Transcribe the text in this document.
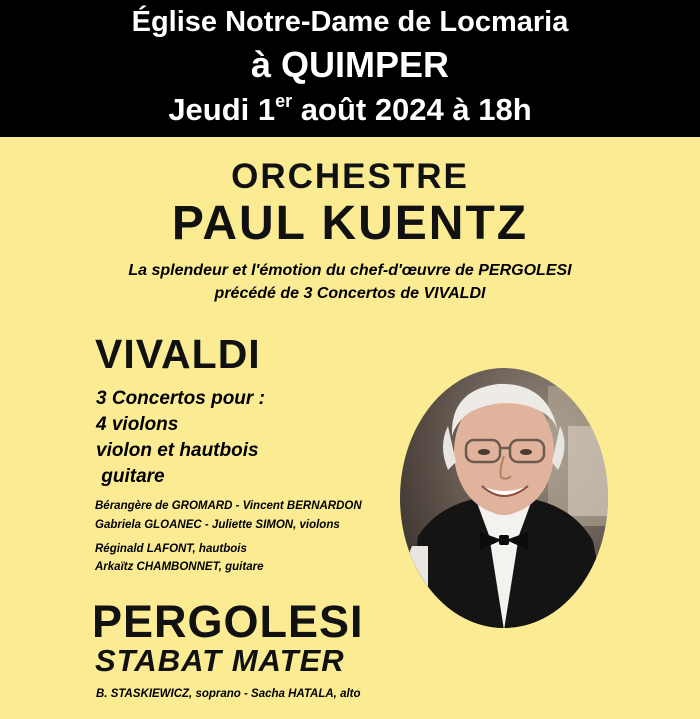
Église Notre-Dame de Locmaria
à QUIMPER
Jeudi 1er août 2024 à 18h
ORCHESTRE
PAUL KUENTZ
La splendeur et l'émotion du chef-d'œuvre de PERGOLESI
précédé de 3 Concertos de VIVALDI
VIVALDI
3 Concertos pour :
4 violons
violon et hautbois
guitare
Bérangère de GROMARD - Vincent BERNARDON
Gabriela GLOANEC - Juliette SIMON, violons
Réginald LAFONT, hautbois
Arkaïtz CHAMBONNET, guitare
PERGOLESI
STABAT MATER
B. STASKIEWICZ, soprano - Sacha HATALA, alto
